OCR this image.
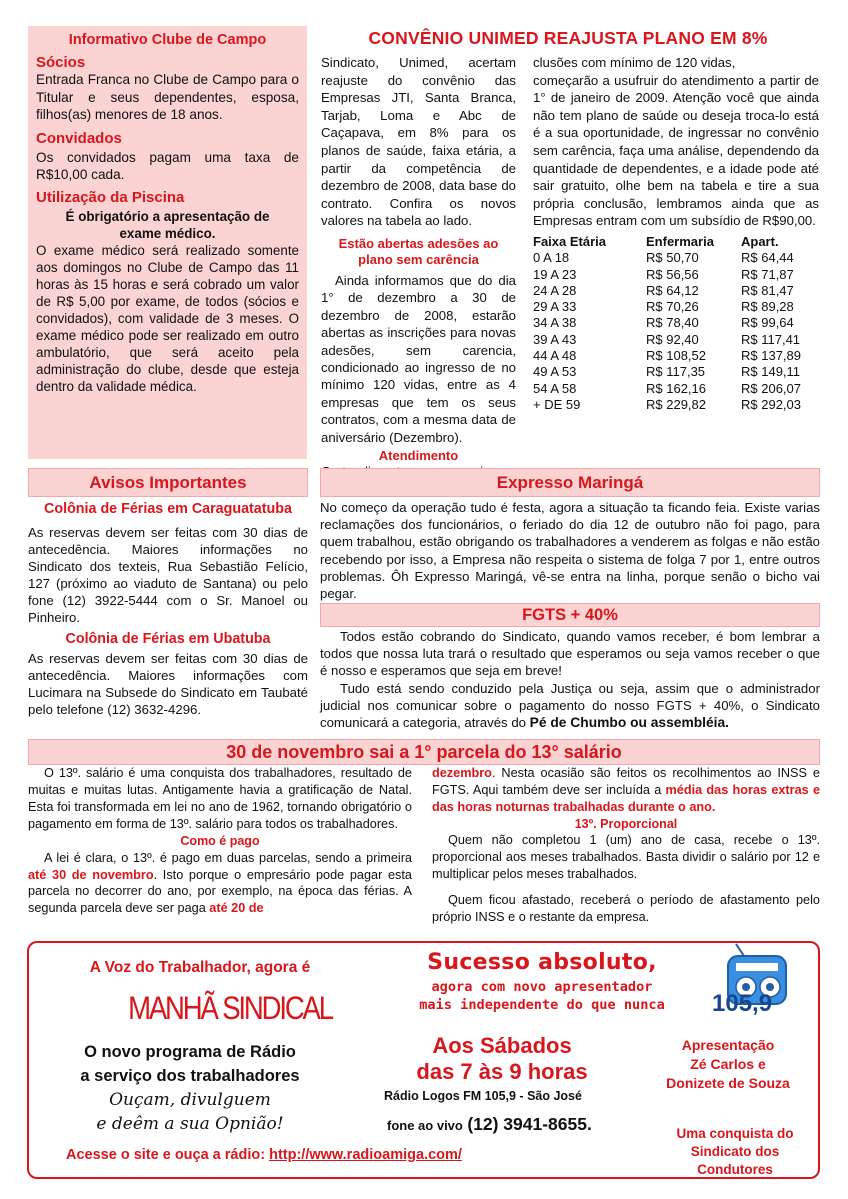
Informativo Clube de Campo
Sócios

Entrada Franca no Clube de Campo para o Titular e seus dependentes, esposa, filhos(as) menores de 18 anos.

Convidados

Os convidados pagam uma taxa de R$10,00 cada.

Utilização da Piscina

É obrigatório a apresentação de exame médico.

O exame médico será realizado somente aos domingos no Clube de Campo das 11 horas às 15 horas e será cobrado um valor de R$ 5,00 por exame, de todos (sócios e convidados), com validade de 3 meses. O exame médico pode ser realizado em outro ambulatório, que será aceito pela administração do clube, desde que esteja dentro da validade médica.

CONVÊNIO UNIMED REAJUSTA PLANO EM 8%

Sindicato, Unimed, acertam reajuste do convênio das Empresas JTI, Santa Branca, Tarjab, Loma e Abc de Caçapava, em 8% para os planos de saúde, faixa etária, a partir da competência de dezembro de 2008, data base do contrato. Confira os novos valores na tabela ao lado.

Estão abertas adesões ao plano sem carência

Ainda informamos que do dia 1° de dezembro a 30 de dezembro de 2008, estarão abertas as inscrições para novas adesões, sem carencia, condicionado ao ingresso de no mínimo 120 vidas, entre as 4 empresas que tem os seus contratos, com a mesma data de aniversário (Dezembro).

Atendimento

clusões com mínimo de 120 vidas,

começarão a usufruir do atendimento a partir de 1° de janeiro de 2009. Atenção você que ainda não tem plano de saúde ou deseja troca-lo está é a sua oportunidade, de ingressar no convênio sem carência, faça uma análise, dependendo da quantidade de dependentes, e a idade pode até sair gratuito, olhe bem na tabela e tire a sua própria conclusão, lembramos ainda que as Empresas entram com um subsídio de R$90,00.

Faixa Etária	Enfermaria	Apart.
0 A 18	R$ 50,70	R$ 64,44
19 A 23	R$ 56,56	R$ 71,87
24 A 28	R$ 64,12	R$ 81,47
29 A 33	R$ 70,26	R$ 89,28
34 A 38	R$ 78,40	R$ 99,64
39 A 43	R$ 92,40	R$ 117,41
44 A 48	R$ 108,52	R$ 137,89
49 A 53	R$ 117,35	R$ 149,11
54 A 58	R$ 162,16	R$ 206,07
+ DE 59	R$ 229,82	R$ 292,03
Avisos Importantes

Colônia de Férias em Caraguatatuba

As reservas devem ser feitas com 30 dias de antecedência. Maiores informações no Sindicato dos texteis, Rua Sebastião Felício, 127 (próximo ao viaduto de Santana) ou pelo fone (12) 3922-5444 com o Sr. Manoel ou Pinheiro.

Colônia de Férias em Ubatuba

As reservas devem ser feitas com 30 dias de antecedência. Maiores informações com Lucimara na Subsede do Sindicato em Taubaté pelo telefone (12) 3632-4296.

Expresso Maringá

No começo da operação tudo é festa, agora a situação ta ficando feia. Existe varias reclamações dos funcionários, o feriado do dia 12 de outubro não foi pago, para quem trabalhou, estão obrigando os trabalhadores a venderem as folgas e não estão recebendo por isso, a Empresa não respeita o sistema de folga 7 por 1, entre outros problemas. Ôh Expresso Maringá, vê-se entra na linha, porque senão o bicho vai pegar.

FGTS + 40%

Todos estão cobrando do Sindicato, quando vamos receber, é bom lembrar a todos que nossa luta trará o resultado que esperamos ou seja vamos receber o que é nosso e esperamos que seja em breve!

Tudo está sendo conduzido pela Justiça ou seja, assim que o administrador judicial nos comunicar sobre o pagamento do nosso FGTS + 40%, o Sindicato comunicará a categoria, através do Pé de Chumbo ou assembléia.

30 de novembro sai a 1° parcela do 13° salário

O 13º. salário é uma conquista dos trabalhadores, resultado de muitas e muitas lutas. Antigamente havia a gratificação de Natal. Esta foi transformada em lei no ano de 1962, tornando obrigatório o pagamento em forma de 13º. salário para todos os trabalhadores.

Como é pago

A lei é clara, o 13º. é pago em duas parcelas, sendo a primeira até 30 de novembro. Isto porque o empresário pode pagar esta parcela no decorrer do ano, por exemplo, na época das férias. A segunda parcela deve ser paga até 20 de

dezembro. Nesta ocasião são feitos os recolhimentos ao INSS e FGTS. Aqui também deve ser incluída a média das horas extras e das horas noturnas trabalhadas durante o ano.

13º. Proporcional

Quem não completou 1 (um) ano de casa, recebe o 13º. proporcional aos meses trabalhados. Basta dividir o salário por 12 e multiplicar pelos meses trabalhados.

Quem ficou afastado, receberá o período de afastamento pelo próprio INSS e o restante da empresa.

A Voz do Trabalhador, agora é
MANHÃ SINDICAL
O novo programa de Rádio
a serviço dos trabalhadores
Ouçam, divulguem
e deêm a sua Opnião!
Acesse o site e ouça a rádio: http://www.radioamiga.com/
Sucesso absoluto,
agora com novo apresentador
mais independente do que nunca
Aos Sábados
das 7 às 9 horas
Rádio Logos FM 105,9 - São José
fone ao vivo (12) 3941-8655.
105,9
Apresentação
Zé Carlos e
Donizete de Souza
Uma conquista do
Sindicato dos Condutores
